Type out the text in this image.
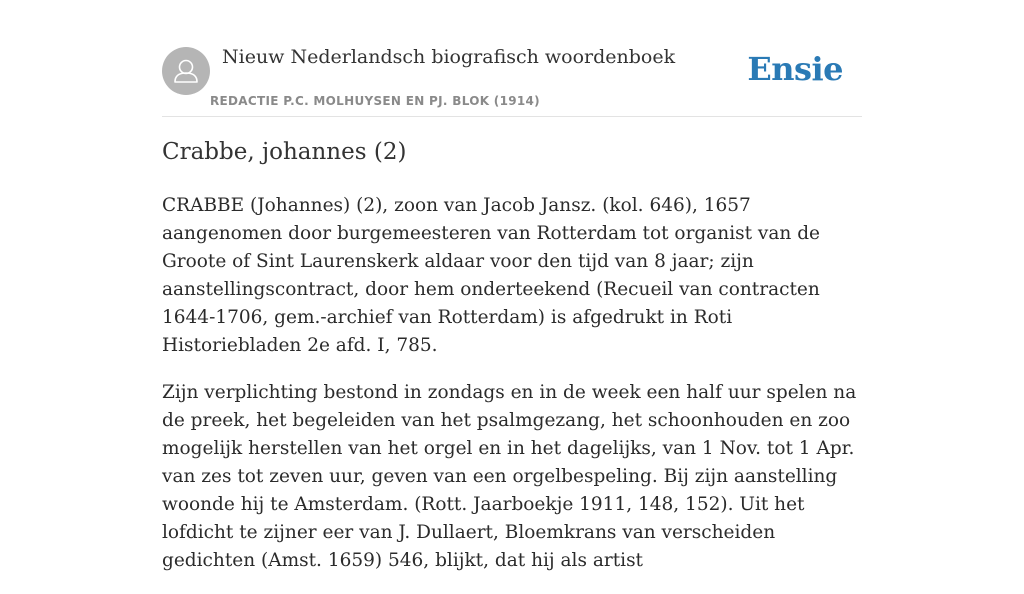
Nieuw Nederlandsch biografisch woordenboek
REDACTIE P.C. MOLHUYSEN EN PJ. BLOK (1914)
Ensie
Crabbe, johannes (2)

CRABBE (Johannes) (2), zoon van Jacob Jansz. (kol. 646), 1657 aangenomen door burgemeesteren van Rotterdam tot organist van de Groote of Sint Laurenskerk aldaar voor den tijd van 8 jaar; zijn aanstellingscontract, door hem onderteekend (Recueil van contracten 1644-1706, gem.-archief van Rotterdam) is afgedrukt in Roti Historiebladen 2e afd. I, 785.

Zijn verplichting bestond in zondags en in de week een half uur spelen na de preek, het begeleiden van het psalmgezang, het schoonhouden en zoo mogelijk herstellen van het orgel en in het dagelijks, van 1 Nov. tot 1 Apr. van zes tot zeven uur, geven van een orgelbespeling. Bij zijn aanstelling woonde hij te Amsterdam. (Rott. Jaarboekje 1911, 148, 152). Uit het lofdicht te zijner eer van J. Dullaert, Bloemkrans van verscheiden gedichten (Amst. 1659) 546, blijkt, dat hij als artist
